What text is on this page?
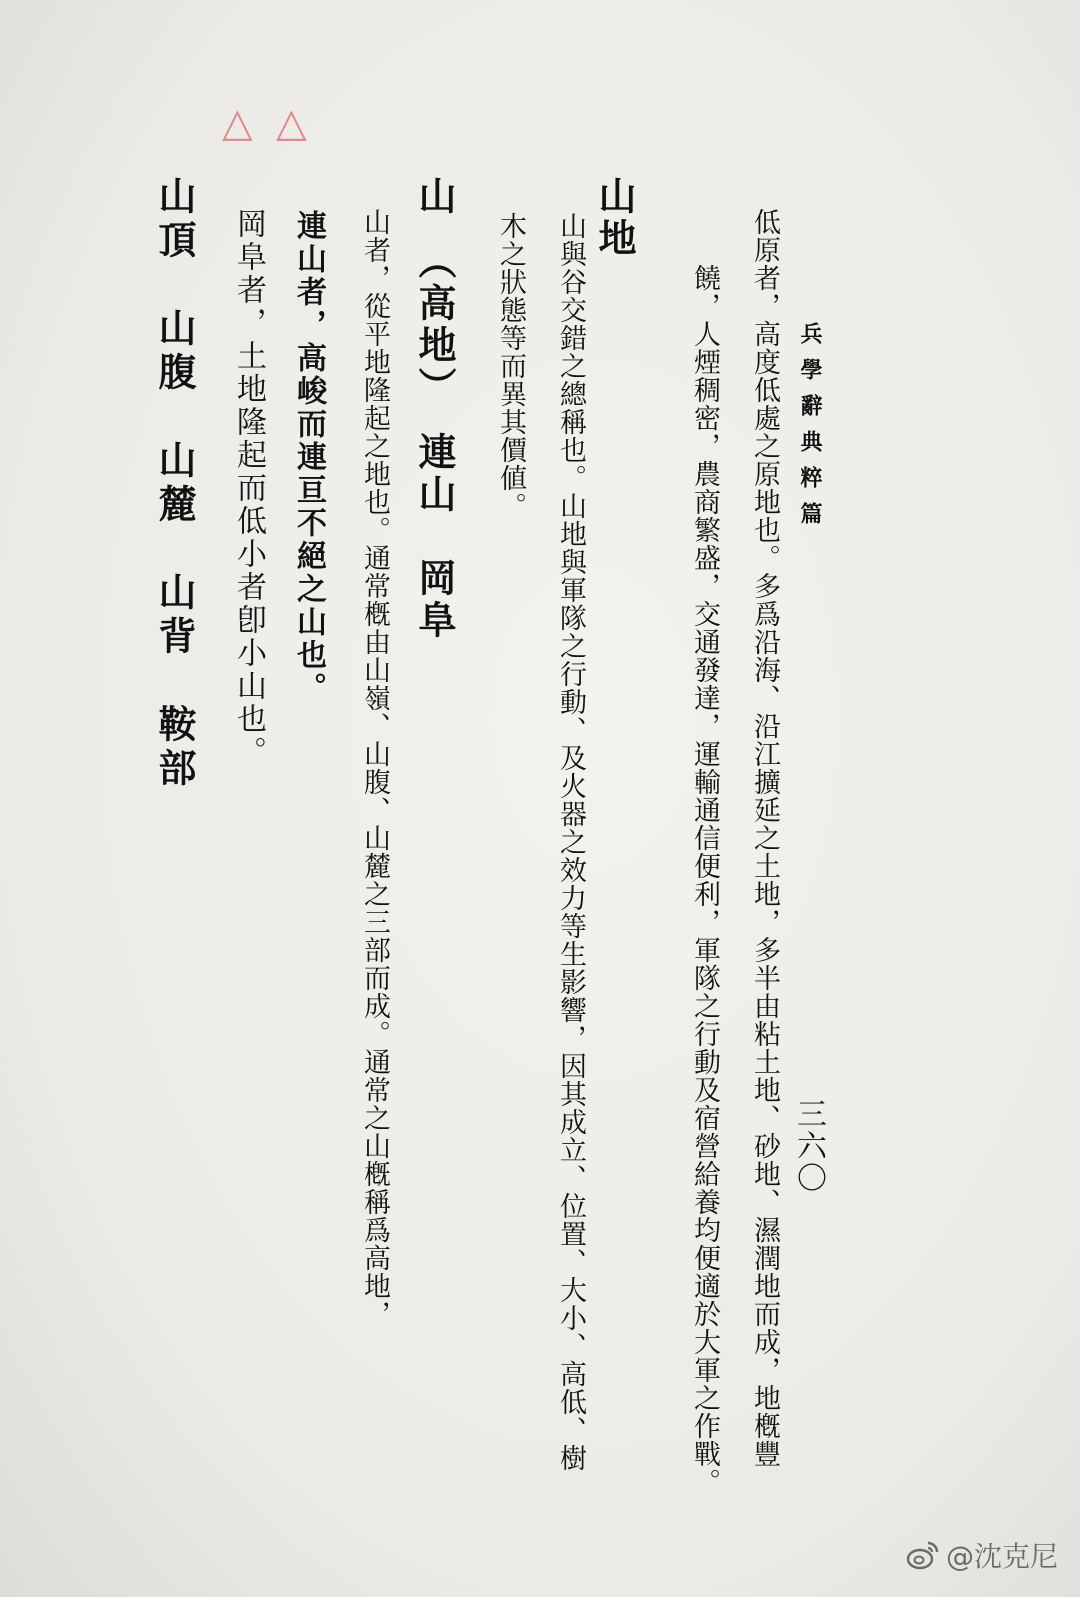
△ △
兵學辭典粹篇
三六〇
低原者，高度低處之原地也。多爲沿海、沿江擴延之土地，多半由粘土地、砂地、濕潤地而成，地槪豐
饒，人煙稠密，農商繁盛，交通發達，運輸通信便利，軍隊之行動及宿營給養均便適於大軍之作戰。
山地
山與谷交錯之總稱也。山地與軍隊之行動、及火器之效力等生影響，因其成立、位置、大小、高低、樹
木之狀態等而異其價値。
山　（高地）　連山　岡阜
山者，從平地隆起之地也。通常槪由山嶺、山腹、山麓之三部而成。通常之山槪稱爲高地，
連山者，高峻而連亘不絕之山也。
岡阜者，土地隆起而低小者卽小山也。
山頂　山腹　山麓　山背　鞍部
@沈克尼
